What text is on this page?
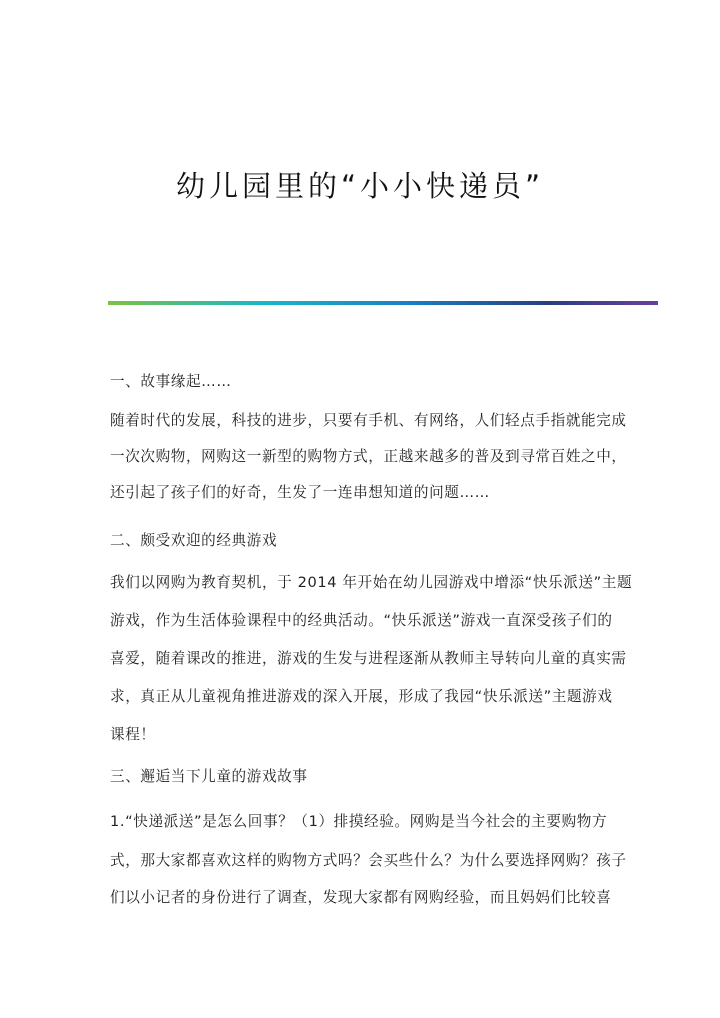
幼儿园里的“小小快递员”
一、故事缘起……
随着时代的发展，科技的进步，只要有手机、有网络，人们轻点手指就能完成
一次次购物，网购这一新型的购物方式，正越来越多的普及到寻常百姓之中，
还引起了孩子们的好奇，生发了一连串想知道的问题……
二、颇受欢迎的经典游戏
我们以网购为教育契机，于 2014 年开始在幼儿园游戏中增添“快乐派送”主题
游戏，作为生活体验课程中的经典活动。“快乐派送”游戏一直深受孩子们的
喜爱，随着课改的推进，游戏的生发与进程逐渐从教师主导转向儿童的真实需
求，真正从儿童视角推进游戏的深入开展，形成了我园“快乐派送”主题游戏
课程！
三、邂逅当下儿童的游戏故事
1.“快递派送”是怎么回事？（1）排摸经验。网购是当今社会的主要购物方
式，那大家都喜欢这样的购物方式吗？会买些什么？为什么要选择网购？孩子
们以小记者的身份进行了调查，发现大家都有网购经验，而且妈妈们比较喜
